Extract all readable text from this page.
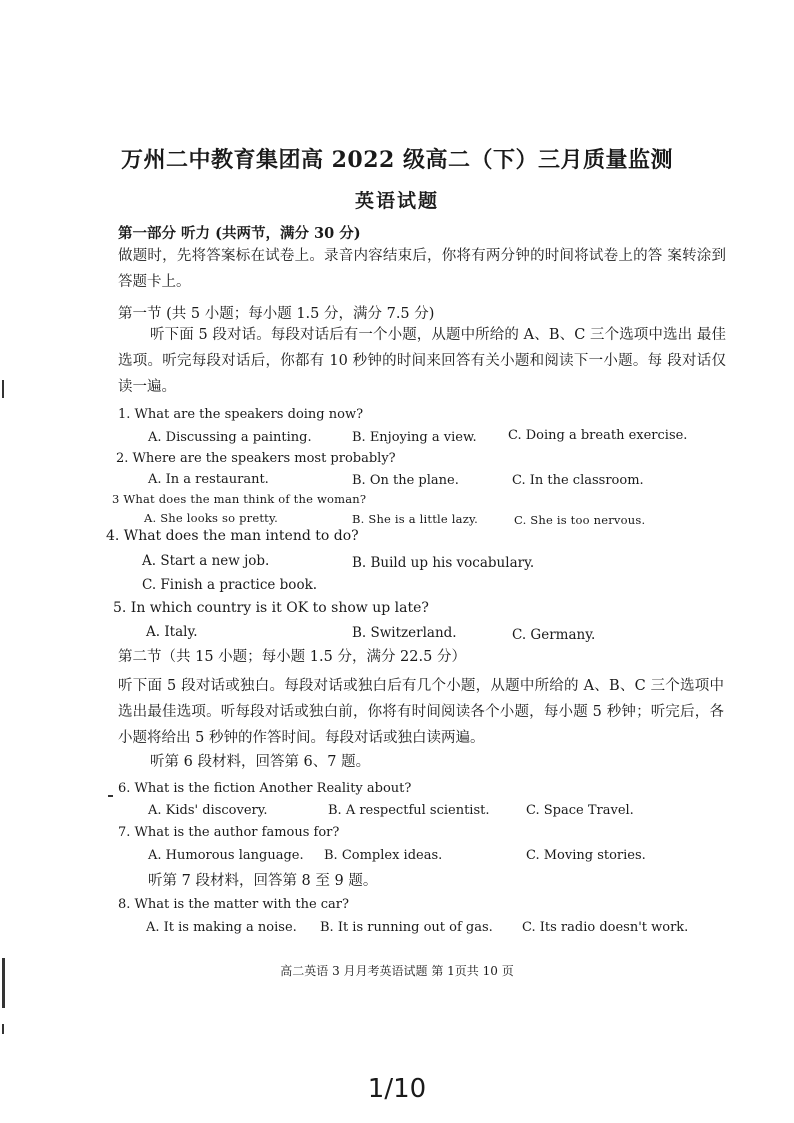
万州二中教育集团高 2022 级高二（下）三月质量监测
英语试题
第一部分 听力 (共两节，满分 30 分)
做题时，先将答案标在试卷上。录音内容结束后，你将有两分钟的时间将试卷上的答 案转涂到答题卡上。
第一节 (共 5 小题；每小题 1.5 分，满分 7.5 分)
听下面 5 段对话。每段对话后有一个小题，从题中所给的 A、B、C 三个选项中选出 最佳选项。听完每段对话后，你都有 10 秒钟的时间来回答有关小题和阅读下一小题。每 段对话仅读一遍。
1. What are the speakers doing now?
A. Discussing a painting.	B. Enjoying a view. C. Doing a breath exercise.
2. Where are the speakers most probably?
A. In a restaurant.	B. On the plane.	C. In the classroom.
3 What does the man think of the woman?
A. She looks so pretty.	B. She is a little lazy.	C. She is too nervous.
4. What does the man intend to do?
A. Start a new job.	B. Build up his vocabulary.
C. Finish a practice book.
5. In which country is it OK to show up late?
A. Italy.	B. Switzerland.	C. Germany.
第二节（共 15 小题；每小题 1.5 分，满分 22.5 分）
听下面 5 段对话或独白。每段对话或独白后有几个小题，从题中所给的 A、B、C 三个选项中选出最佳选项。听每段对话或独白前，你将有时间阅读各个小题，每小题 5 秒钟；听完后，各小题将给出 5 秒钟的作答时间。每段对话或独白读两遍。
听第 6 段材料，回答第 6、7 题。
6. What is the fiction Another Reality about?
A. Kids' discovery.	B. A respectful scientist.	C. Space Travel.
7. What is the author famous for?
A. Humorous language. B. Complex ideas.	C. Moving stories.
听第 7 段材料，回答第 8 至 9 题。
8. What is the matter with the car?
A. It is making a noise. B. It is running out of gas. C. Its radio doesn't work.
高二英语 3 月月考英语试题 第 1页共 10 页
1/10
